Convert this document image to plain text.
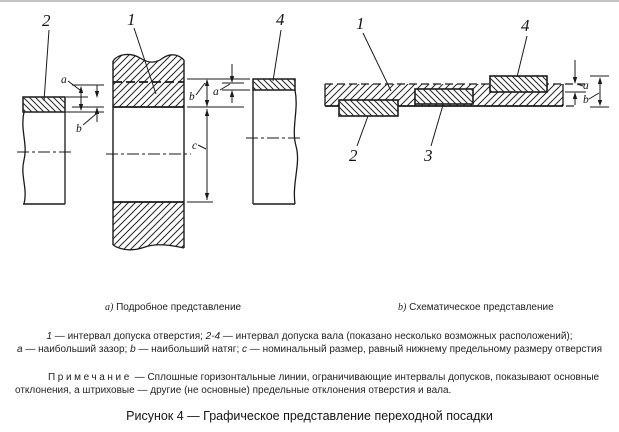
a
b
b a
c
2	1	4
a
b
1	4
2	3
а) Подробное представление	b) Схематическое представление
1 — интервал допуска отверстия; 2-4 — интервал допуска вала (показано несколько возможных расположений);
а — наибольший зазор; b — наибольший натяг; с — номинальный размер, равный нижнему предельному размеру отверстия
Примечание — Сплошные горизонтальные линии, ограничивающие интервалы допусков, показывают основные
отклонения, а штриховые — другие (не основные) предельные отклонения отверстия и вала.
Рисунок 4 — Графическое представление переходной посадки
